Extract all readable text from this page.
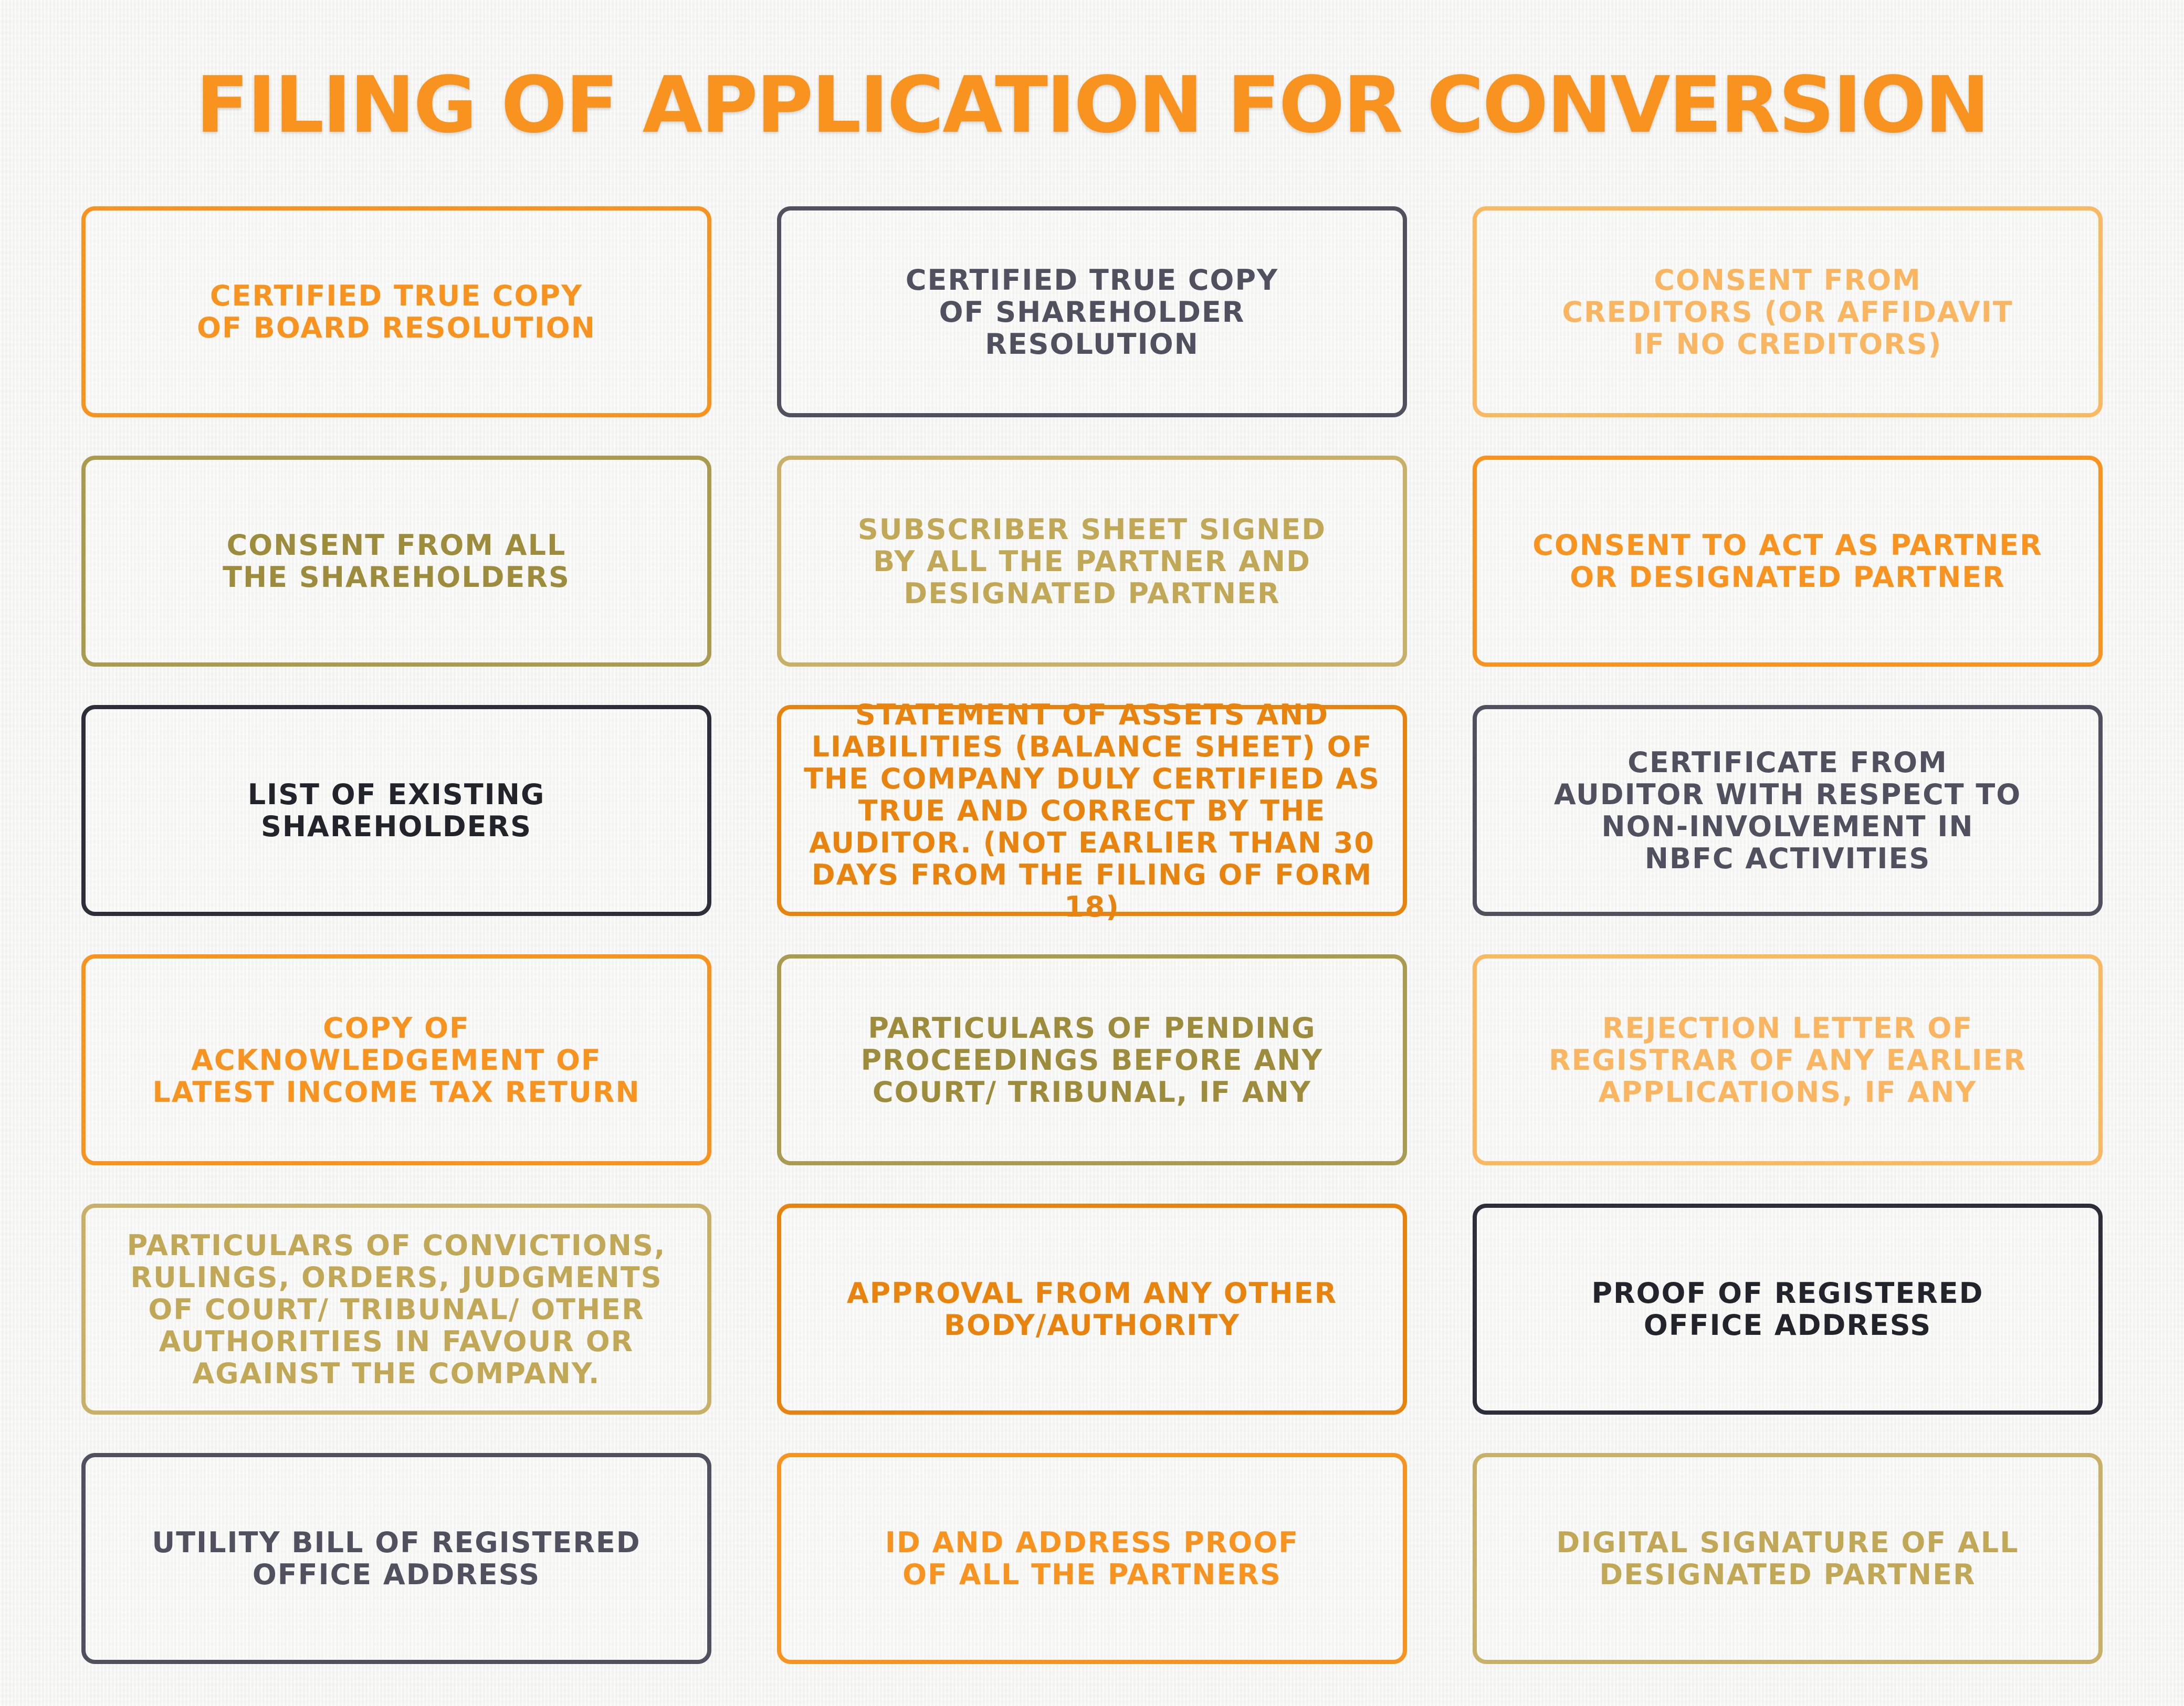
FILING OF APPLICATION FOR CONVERSION
CERTIFIED TRUE COPY OF BOARD RESOLUTION
CERTIFIED TRUE COPY OF SHAREHOLDER RESOLUTION
CONSENT FROM CREDITORS (OR AFFIDAVIT IF NO CREDITORS)
CONSENT FROM ALL THE SHAREHOLDERS
SUBSCRIBER SHEET SIGNED BY ALL THE PARTNER AND DESIGNATED PARTNER
CONSENT TO ACT AS PARTNER OR DESIGNATED PARTNER
LIST OF EXISTING SHAREHOLDERS
STATEMENT OF ASSETS AND LIABILITIES (BALANCE SHEET) OF THE COMPANY DULY CERTIFIED AS TRUE AND CORRECT BY THE AUDITOR. (NOT EARLIER THAN 30 DAYS FROM THE FILING OF FORM 18)
CERTIFICATE FROM AUDITOR WITH RESPECT TO NON-INVOLVEMENT IN NBFC ACTIVITIES
COPY OF ACKNOWLEDGEMENT OF LATEST INCOME TAX RETURN
PARTICULARS OF PENDING PROCEEDINGS BEFORE ANY COURT/ TRIBUNAL, IF ANY
REJECTION LETTER OF REGISTRAR OF ANY EARLIER APPLICATIONS, IF ANY
PARTICULARS OF CONVICTIONS, RULINGS, ORDERS, JUDGMENTS OF COURT/ TRIBUNAL/ OTHER AUTHORITIES IN FAVOUR OR AGAINST THE COMPANY.
APPROVAL FROM ANY OTHER BODY/AUTHORITY
PROOF OF REGISTERED OFFICE ADDRESS
UTILITY BILL OF REGISTERED OFFICE ADDRESS
ID AND ADDRESS PROOF OF ALL THE PARTNERS
DIGITAL SIGNATURE OF ALL DESIGNATED PARTNER
